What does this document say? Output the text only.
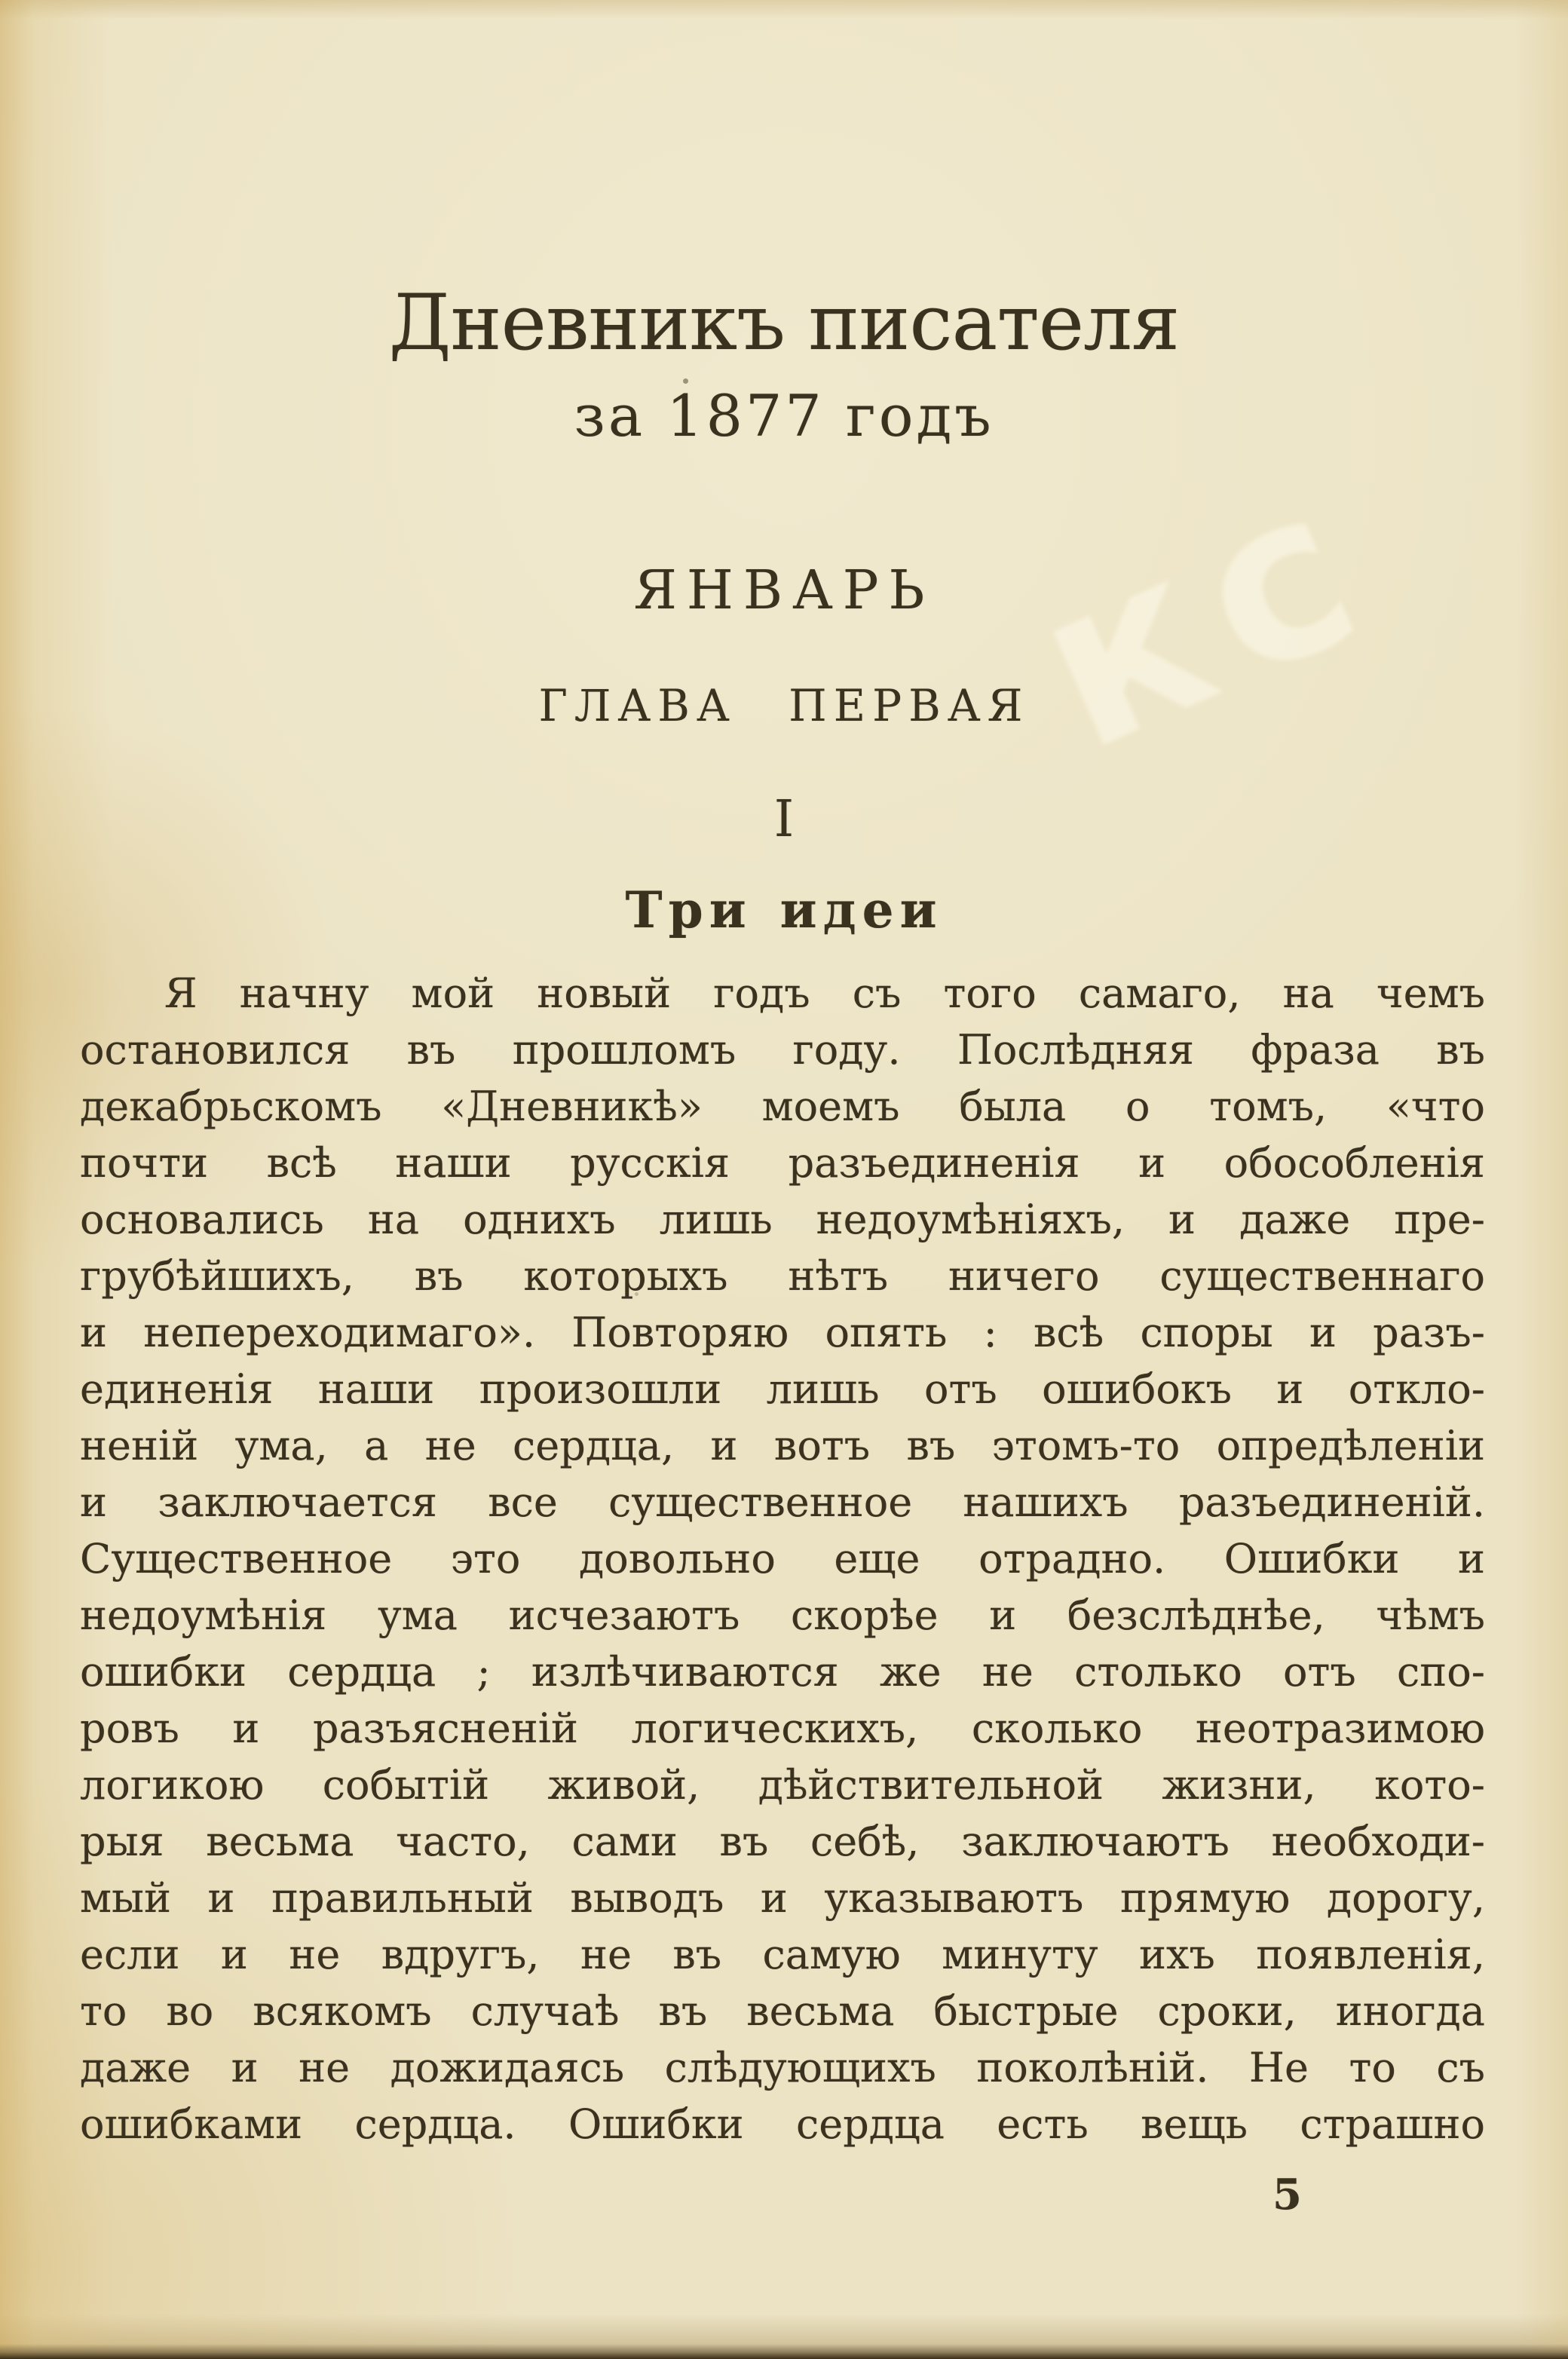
кс
Дневникъ писателя
за 1877 годъ
ЯНВАРЬ
ГЛАВА ПЕРВАЯ
I
Три идеи
Я начну мой новый годъ съ того самаго, на чемъ
остановился въ прошломъ году. Послѣдняя фраза въ
декабрьскомъ «Дневникѣ» моемъ была о томъ, «что
почти всѣ наши русскія разъединенія и обособленія
основались на однихъ лишь недоумѣніяхъ, и даже пре-
грубѣйшихъ, въ которыхъ нѣтъ ничего существеннаго
и непереходимаго». Повторяю опять : всѣ споры и разъ-
единенія наши произошли лишь отъ ошибокъ и откло-
неній ума, а не сердца, и вотъ въ этомъ-то опредѣленіи
и заключается все существенное нашихъ разъединеній.
Существенное это довольно еще отрадно. Ошибки и
недоумѣнія ума исчезаютъ скорѣе и безслѣднѣе, чѣмъ
ошибки сердца ; излѣчиваются же не столько отъ спо-
ровъ и разъясненій логическихъ, сколько неотразимою
логикою событій живой, дѣйствительной жизни, кото-
рыя весьма часто, сами въ себѣ, заключаютъ необходи-
мый и правильный выводъ и указываютъ прямую дорогу,
если и не вдругъ, не въ самую минуту ихъ появленія,
то во всякомъ случаѣ въ весьма быстрые сроки, иногда
даже и не дожидаясь слѣдующихъ поколѣній. Не то съ
ошибками сердца. Ошибки сердца есть вещь страшно
5
